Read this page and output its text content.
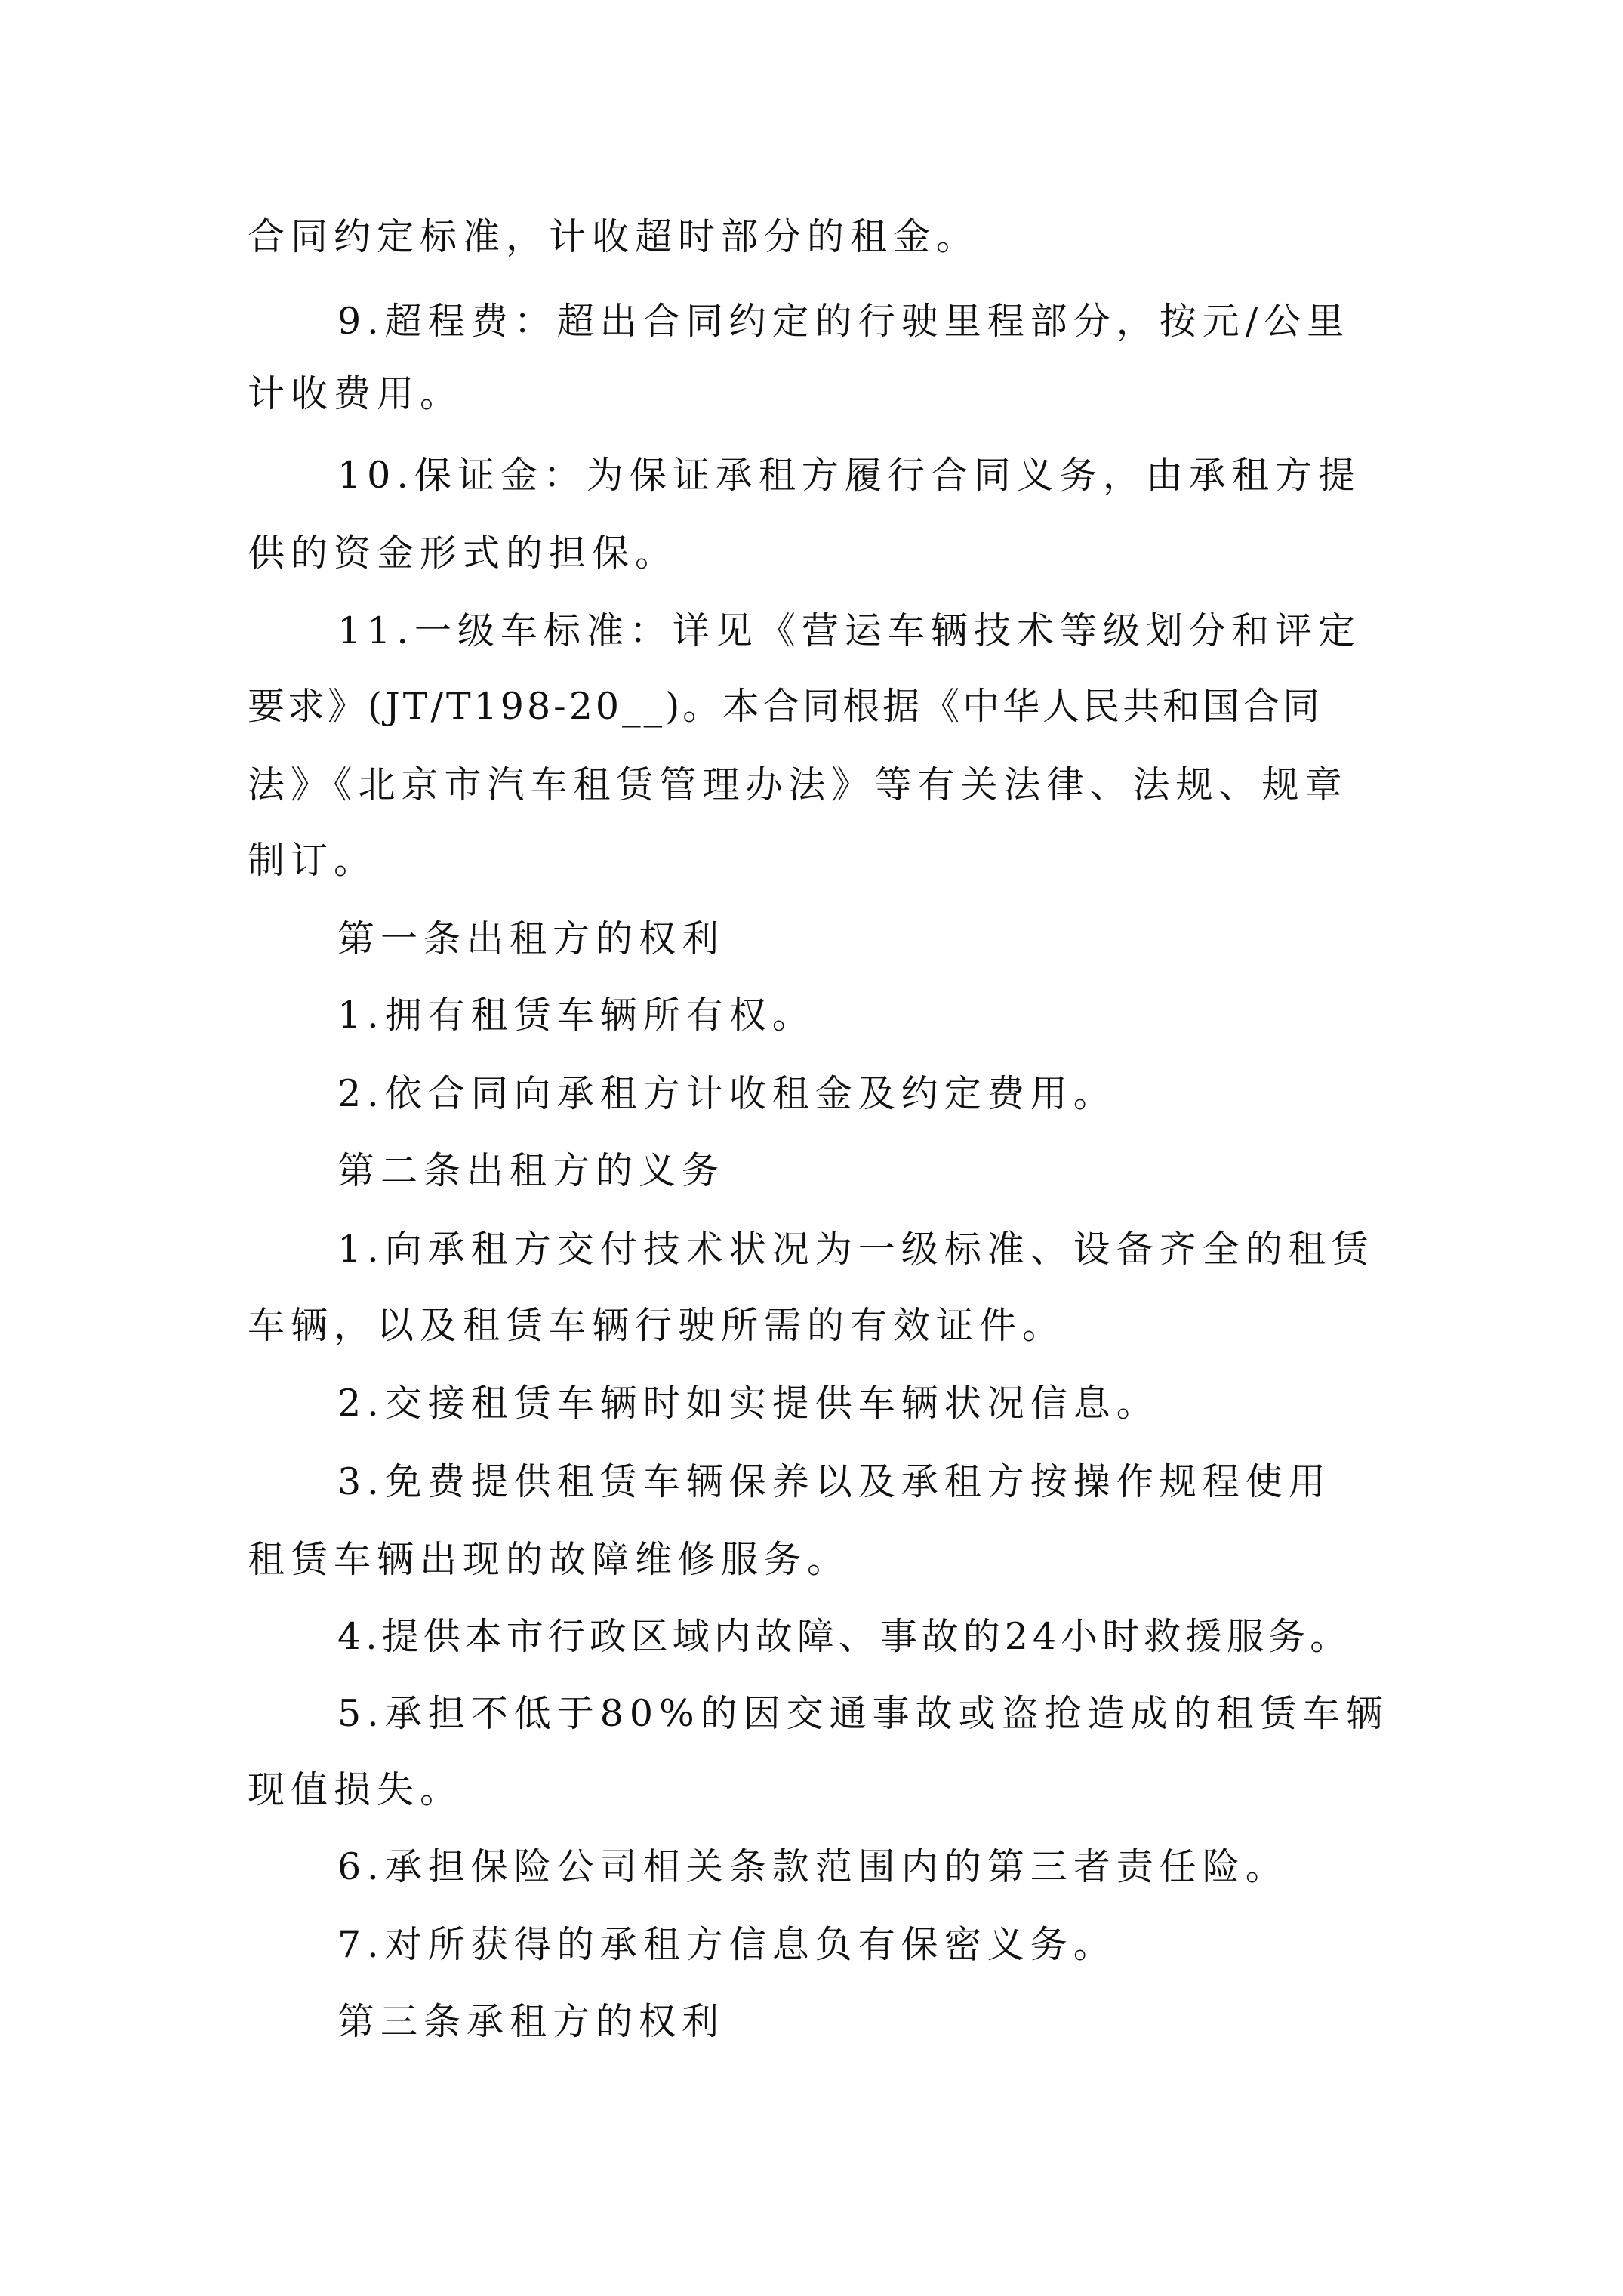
合同约定标准，计收超时部分的租金。
9.超程费：超出合同约定的行驶里程部分，按元/公里
计收费用。
10.保证金：为保证承租方履行合同义务，由承租方提
供的资金形式的担保。
11.一级车标准：详见《营运车辆技术等级划分和评定
要求》(JT/T198-20__)。本合同根据《中华人民共和国合同
法》《北京市汽车租赁管理办法》等有关法律、法规、规章
制订。
第一条出租方的权利
1.拥有租赁车辆所有权。
2.依合同向承租方计收租金及约定费用。
第二条出租方的义务
1.向承租方交付技术状况为一级标准、设备齐全的租赁
车辆，以及租赁车辆行驶所需的有效证件。
2.交接租赁车辆时如实提供车辆状况信息。
3.免费提供租赁车辆保养以及承租方按操作规程使用
租赁车辆出现的故障维修服务。
4.提供本市行政区域内故障、事故的24小时救援服务。
5.承担不低于80%的因交通事故或盗抢造成的租赁车辆
现值损失。
6.承担保险公司相关条款范围内的第三者责任险。
7.对所获得的承租方信息负有保密义务。
第三条承租方的权利
